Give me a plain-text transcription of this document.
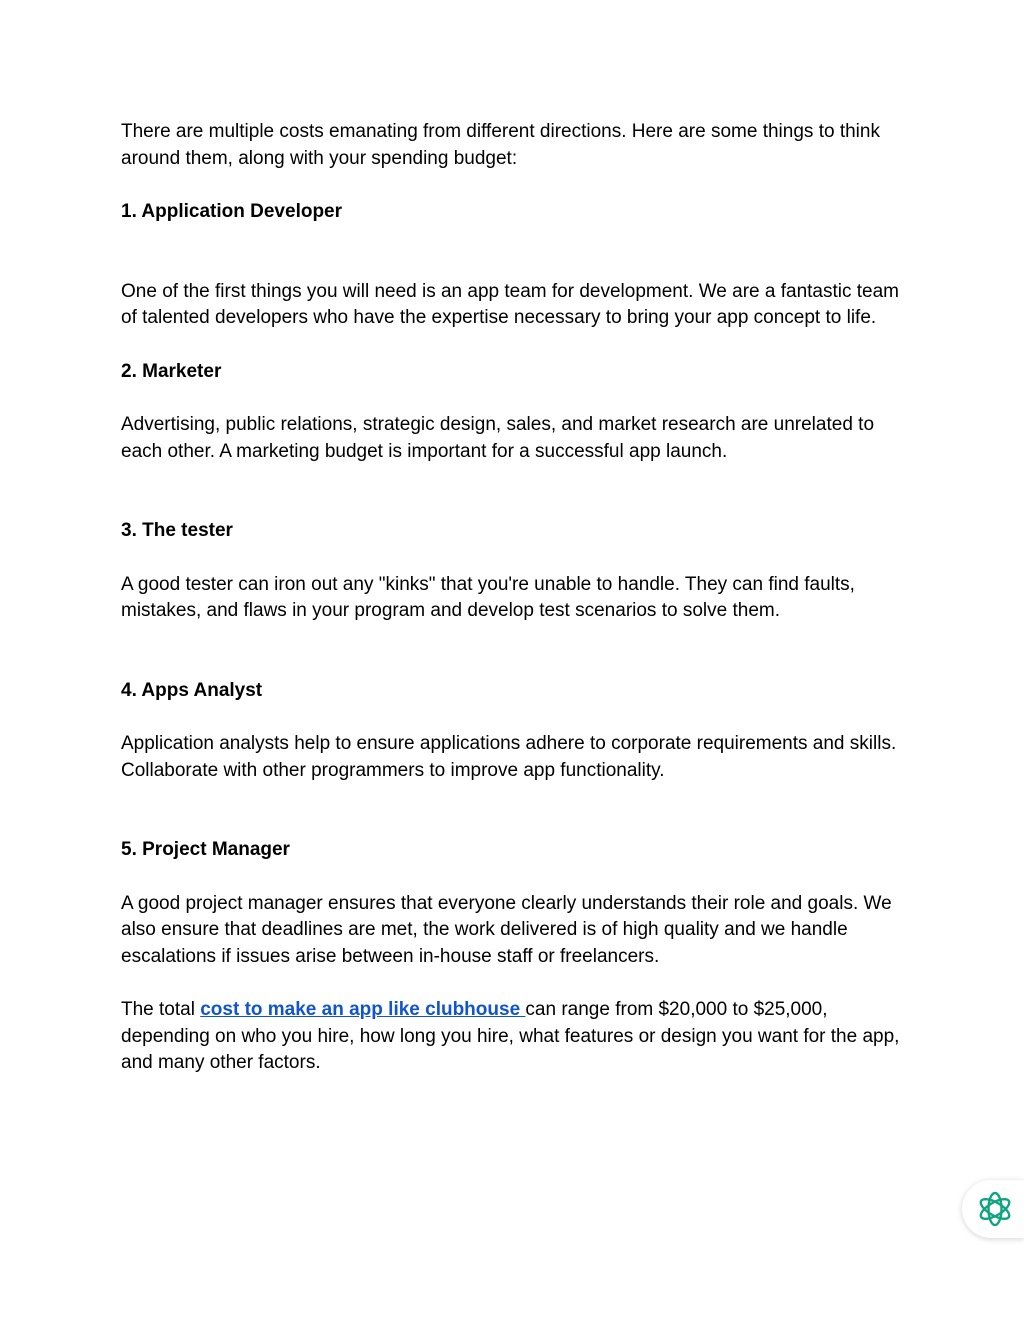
There are multiple costs emanating from different directions. Here are some things to think around them, along with your spending budget:

1. Application Developer

One of the first things you will need is an app team for development. We are a fantastic team of talented developers who have the expertise necessary to bring your app concept to life.

2. Marketer

Advertising, public relations, strategic design, sales, and market research are unrelated to each other. A marketing budget is important for a successful app launch.

3. The tester

A good tester can iron out any "kinks" that you're unable to handle. They can find faults, mistakes, and flaws in your program and develop test scenarios to solve them.

4. Apps Analyst

Application analysts help to ensure applications adhere to corporate requirements and skills. Collaborate with other programmers to improve app functionality.

5. Project Manager

A good project manager ensures that everyone clearly understands their role and goals. We also ensure that deadlines are met, the work delivered is of high quality and we handle escalations if issues arise between in-house staff or freelancers.

The total cost to make an app like clubhouse can range from $20,000 to $25,000, depending on who you hire, how long you hire, what features or design you want for the app, and many other factors.
